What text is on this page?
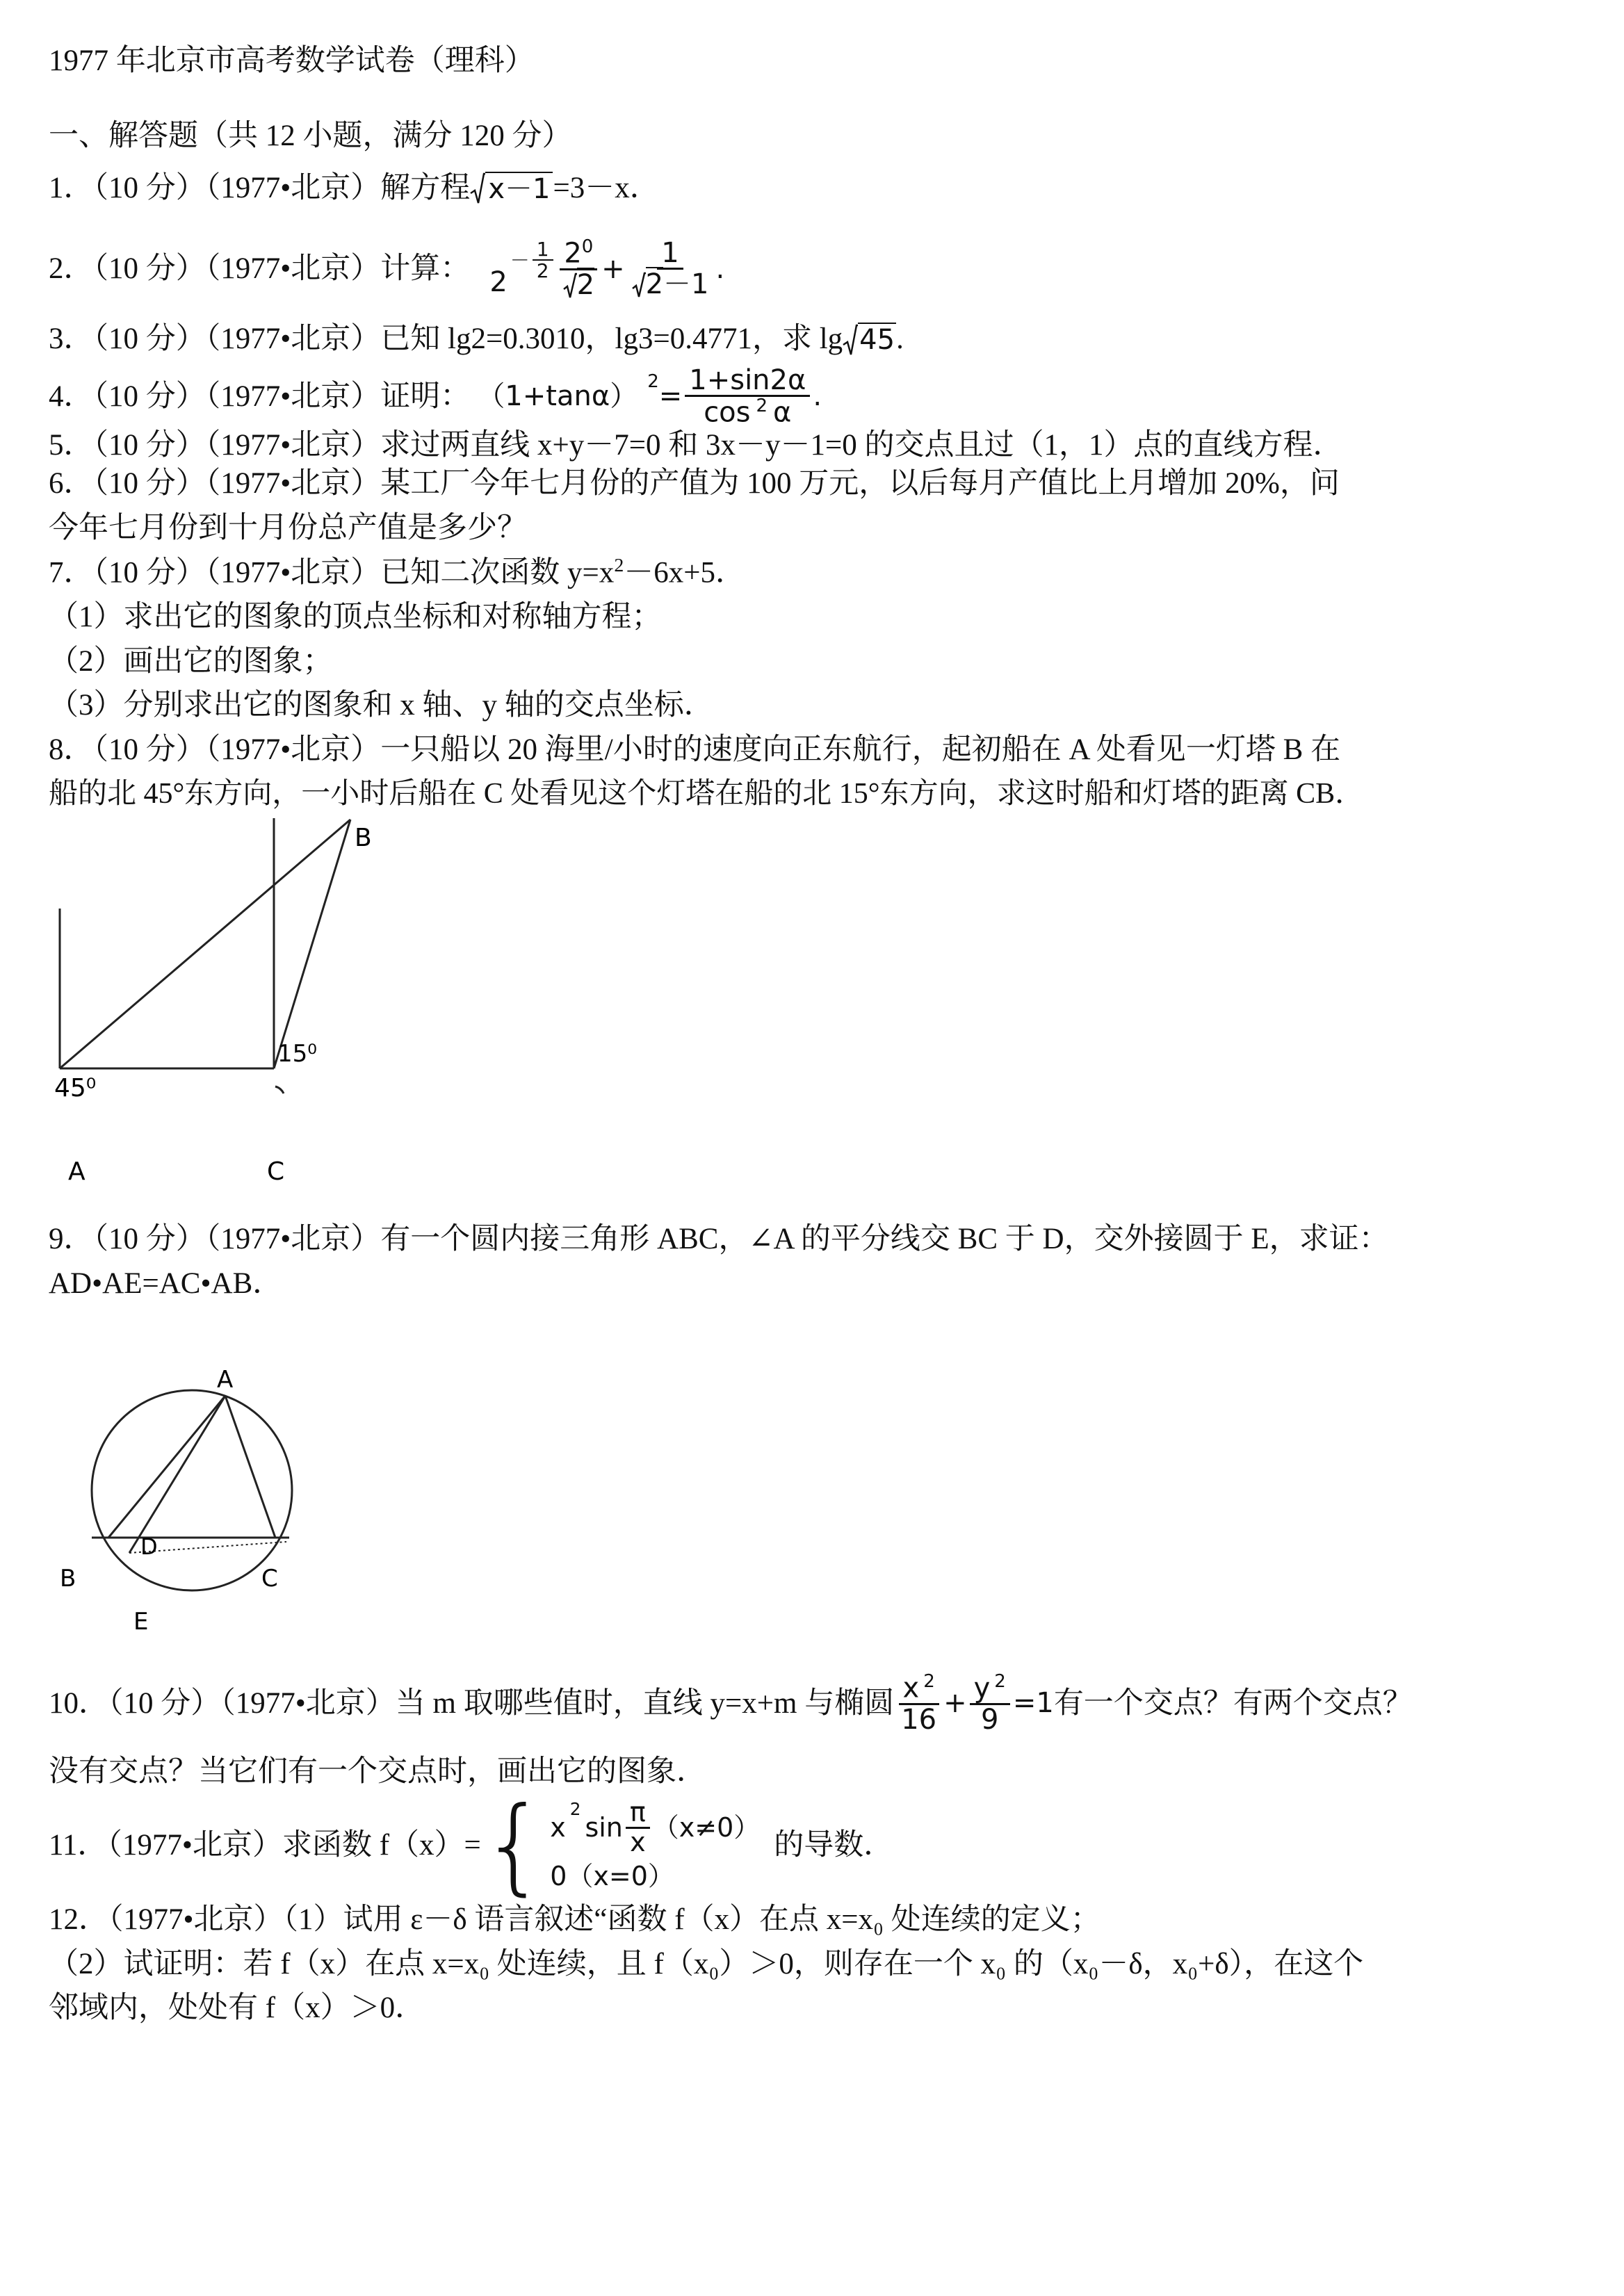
1977 年北京市高考数学试卷（理科）
一、解答题（共 12 小题，满分 120 分）
1．（10 分）（1977•北京）解方程 x－1=3－x．
2．（10 分）（1977•北京）计算： 2
－ $\frac{1}{2} \frac{2^0}{2} + \frac{1}{2-1}$ .
3．（10 分）（1977•北京）已知 lg2=0.3010，lg3=0.4771，求 lg 45.
4．（10 分）（1977•北京）证明： （1+tanα） $^2 = \frac{1+\sin 2\alpha}{\cos ^2 \alpha}$ .
5．（10 分）（1977•北京）求过两直线 x+y－7=0 和 3x－y－1=0 的交点且过（1，1）点的直线方程．
6．（10 分）（1977•北京）某工厂今年七月份的产值为 100 万元，以后每月产值比上月增加 20%，问
今年七月份到十月份总产值是多少？
7．（10 分）（1977•北京）已知二次函数 $y=x^2-6x+5$．
（1）求出它的图象的顶点坐标和对称轴方程；
（2）画出它的图象；
（3）分别求出它的图象和 x 轴、y 轴的交点坐标．
8．（10 分）（1977•北京）一只船以 20 海里/小时的速度向正东航行，起初船在 A 处看见一灯塔 B 在
船的北 45°东方向，一小时后船在 C 处看见这个灯塔在船的北 15°东方向，求这时船和灯塔的距离 CB．
B
45⁰
15⁰
A	C
9．（10 分）（1977•北京）有一个圆内接三角形 ABC，∠A 的平分线交 BC 于 D，交外接圆于 E，求证：
AD•AE=AC•AB．
A
D
B	C
E
10．（10 分）（1977•北京）当 m 取哪些值时，直线 y=x+m 与椭圆 $\frac{x ^2}{16} + \frac{y ^2}{9} =1$ 有一个交点？有两个交点？
没有交点？当它们有一个交点时，画出它的图象．
11．（1977•北京）求函数 f（x）= { x
$^2$
$\sin \frac{\pi}{x} (x\ne 0)$
0（x=0）
的导数．
12．（1977•北京）（1）试用 ε－δ 语言叙述“函数 f（x）在点 x=x₀ 处连续的定义；
（2）试证明：若 f（x）在点 x=x₀ 处连续，且 f（x₀）＞0，则存在一个 x₀ 的（x₀－δ，x₀+δ），在这个
邻域内，处处有 f（x）＞0．
